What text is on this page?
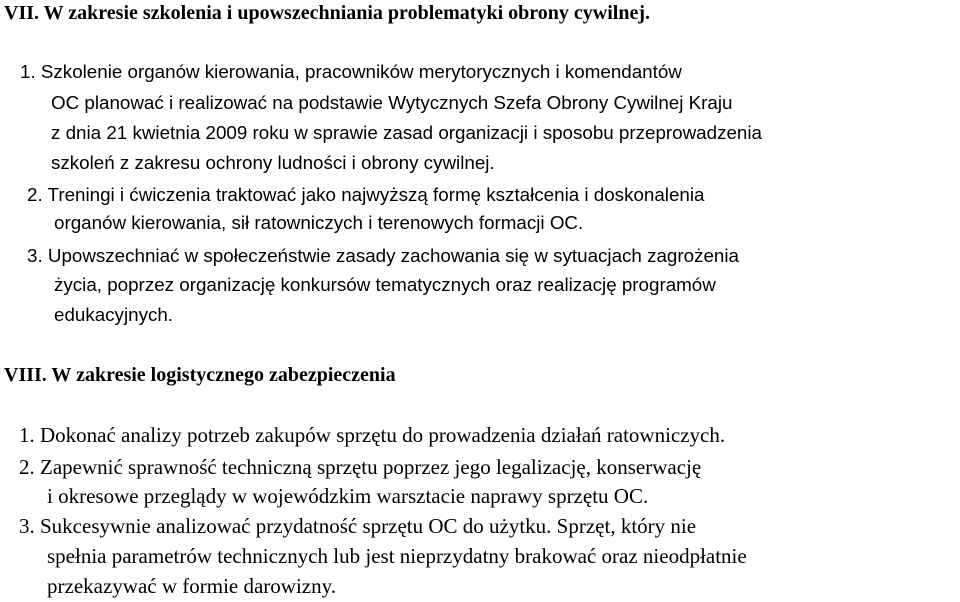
VII. W zakresie szkolenia i upowszechniania problematyki obrony cywilnej.

1. Szkolenie organów kierowania, pracowników merytorycznych i komendantów

OC planować i realizować na podstawie Wytycznych Szefa Obrony Cywilnej Kraju

z dnia 21 kwietnia 2009 roku w sprawie zasad organizacji i sposobu przeprowadzenia

szkoleń z zakresu ochrony ludności i obrony cywilnej.

2. Treningi i ćwiczenia traktować jako najwyższą formę kształcenia i doskonalenia

organów kierowania, sił ratowniczych i terenowych formacji OC.

3. Upowszechniać w społeczeństwie zasady zachowania się w sytuacjach zagrożenia

życia, poprzez organizację konkursów tematycznych oraz realizację programów

edukacyjnych.

VIII. W zakresie logistycznego zabezpieczenia

1. Dokonać analizy potrzeb zakupów sprzętu do prowadzenia działań ratowniczych.

2. Zapewnić sprawność techniczną sprzętu poprzez jego legalizację, konserwację

i okresowe przeglądy w wojewódzkim warsztacie naprawy sprzętu OC.

3. Sukcesywnie analizować przydatność sprzętu OC do użytku. Sprzęt, który nie

spełnia parametrów technicznych lub jest nieprzydatny brakować oraz nieodpłatnie

przekazywać w formie darowizny.
